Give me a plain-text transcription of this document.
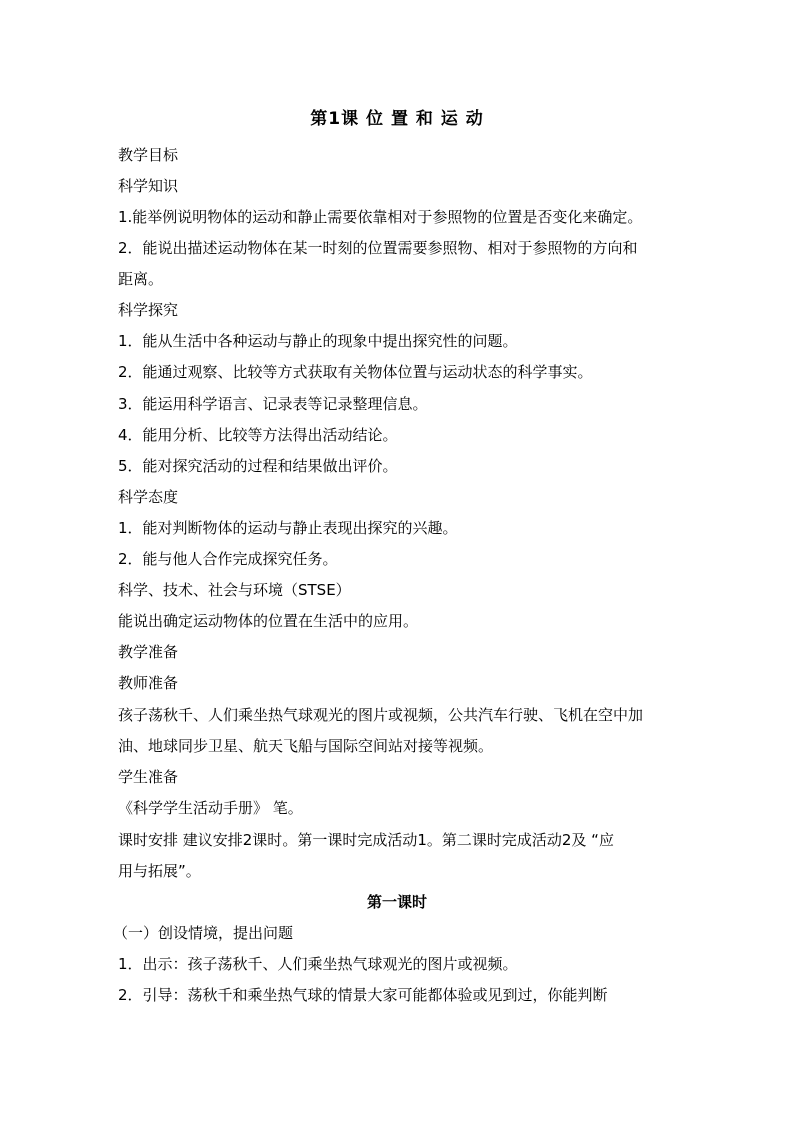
第1课 位 置 和 运 动
教学目标
科学知识
1.能举例说明物体的运动和静止需要依靠相对于参照物的位置是否变化来确定。
2．能说出描述运动物体在某一时刻的位置需要参照物、相对于参照物的方向和
距离。
科学探究
1．能从生活中各种运动与静止的现象中提出探究性的问题。
2．能通过观察、比较等方式获取有关物体位置与运动状态的科学事实。
3．能运用科学语言、记录表等记录整理信息。
4．能用分析、比较等方法得出活动结论。
5．能对探究活动的过程和结果做出评价。
科学态度
1．能对判断物体的运动与静止表现出探究的兴趣。
2．能与他人合作完成探究任务。
科学、技术、社会与环境（STSE）
能说出确定运动物体的位置在生活中的应用。
教学准备
教师准备
孩子荡秋千、人们乘坐热气球观光的图片或视频，公共汽车行驶、飞机在空中加
油、地球同步卫星、航天飞船与国际空间站对接等视频。
学生准备
《科学学生活动手册》 笔。
课时安排 建议安排2课时。第一课时完成活动1。第二课时完成活动2及 “应
用与拓展”。
第一课时
（一）创设情境，提出问题
1．出示：孩子荡秋千、人们乘坐热气球观光的图片或视频。
2．引导：荡秋千和乘坐热气球的情景大家可能都体验或见到过，你能判断
